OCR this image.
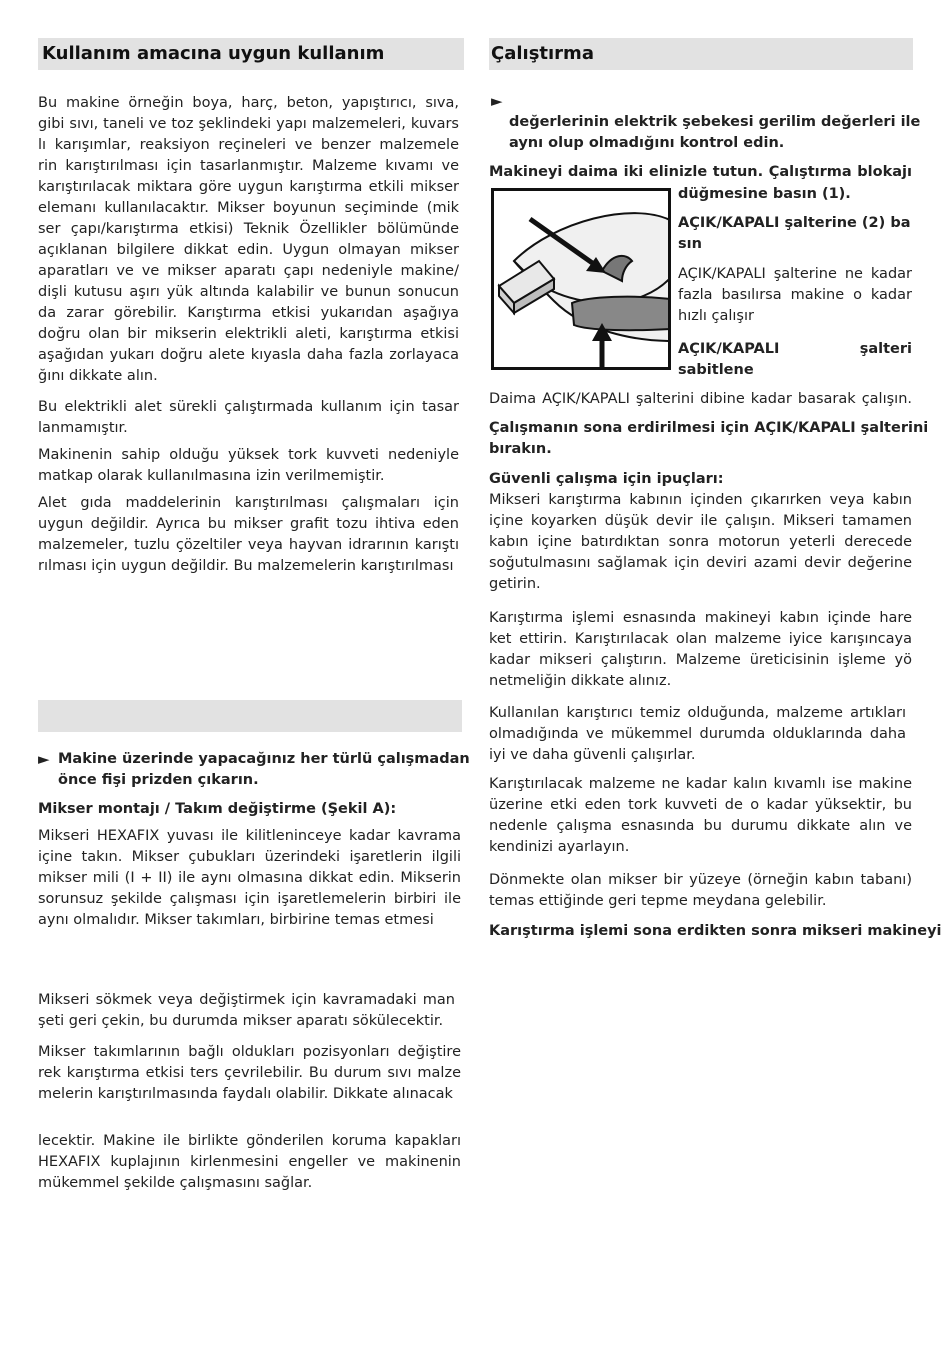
Kullanım amacına uygun kullanım
Bu makine örneğin boya, harç, beton, yapıştırıcı, sıva,
gibi sıvı, taneli ve toz şeklindeki yapı malzemeleri, kuvars
lı karışımlar, reaksiyon reçineleri ve benzer malzemele
rin karıştırılması için tasarlanmıştır. Malzeme kıvamı ve
karıştırılacak miktara göre uygun karıştırma etkili mikser
elemanı kullanılacaktır. Mikser boyunun seçiminde (mik
ser çapı/karıştırma etkisi) Teknik Özellikler bölümünde
açıklanan bilgilere dikkat edin. Uygun olmayan mikser
aparatları ve ve mikser aparatı çapı nedeniyle makine/
dişli kutusu aşırı yük altında kalabilir ve bunun sonucun
da zarar görebilir. Karıştırma etkisi yukarıdan aşağıya
doğru olan bir mikserin elektrikli aleti, karıştırma etkisi
aşağıdan yukarı doğru alete kıyasla daha fazla zorlayaca
ğını dikkate alın.
Bu elektrikli alet sürekli çalıştırmada kullanım için tasar
lanmamıştır.
Makinenin sahip olduğu yüksek tork kuvveti nedeniyle
matkap olarak kullanılmasına izin verilmemiştir.
Alet gıda maddelerinin karıştırılması çalışmaları için
uygun değildir. Ayrıca bu mikser grafit tozu ihtiva eden
malzemeler, tuzlu çözeltiler veya hayvan idrarının karıştı
rılması için uygun değildir. Bu malzemelerin karıştırılması
► Makine üzerinde yapacağınız her türlü çalışmadan
önce fişi prizden çıkarın.

Mikser montajı / Takım değiştirme (Şekil A):

Mikseri HEXAFIX yuvası ile kilitleninceye kadar kavrama
içine takın. Mikser çubukları üzerindeki işaretlerin ilgili
mikser mili (I + II) ile aynı olmasına dikkat edin. Mikserin
sorunsuz şekilde çalışması için işaretlemelerin birbiri ile
aynı olmalıdır. Mikser takımları, birbirine temas etmesi
Mikseri sökmek veya değiştirmek için kavramadaki man
şeti geri çekin, bu durumda mikser aparatı sökülecektir.
Mikser takımlarının bağlı oldukları pozisyonları değiştire
rek karıştırma etkisi ters çevrilebilir. Bu durum sıvı malze
melerin karıştırılmasında faydalı olabilir. Dikkate alınacak
lecektir. Makine ile birlikte gönderilen koruma kapakları
HEXAFIX kuplajının kirlenmesini engeller ve makinenin
mükemmel şekilde çalışmasını sağlar.
Çalıştırma
►
değerlerinin elektrik şebekesi gerilim değerleri ile
aynı olup olmadığını kontrol edin.

Makineyi daima iki elinizle tutun. Çalıştırma blokajı

düğmesine basın (1).

AÇIK/KAPALI şalterine (2) ba
sın
AÇIK/KAPALI şalterine ne kadar
fazla basılırsa makine o kadar
hızlı çalışır

AÇIK/KAPALI şalteri sabitlene

Daima AÇIK/KAPALI şalterini dibine kadar basarak çalışın.

Çalışmanın sona erdirilmesi için AÇIK/KAPALI şalterini
bırakın.

Güvenli çalışma için ipuçları:

Mikseri karıştırma kabının içinden çıkarırken veya kabın
içine koyarken düşük devir ile çalışın. Mikseri tamamen
kabın içine batırdıktan sonra motorun yeterli derecede
soğutulmasını sağlamak için deviri azami devir değerine
getirin.
Karıştırma işlemi esnasında makineyi kabın içinde hare
ket ettirin. Karıştırılacak olan malzeme iyice karışıncaya
kadar mikseri çalıştırın. Malzeme üreticisinin işleme yö
netmeliğin dikkate alınız.
Kullanılan karıştırıcı temiz olduğunda, malzeme artıkları
olmadığında ve mükemmel durumda olduklarında daha
iyi ve daha güvenli çalışırlar.
Karıştırılacak malzeme ne kadar kalın kıvamlı ise makine
üzerine etki eden tork kuvveti de o kadar yüksektir, bu
nedenle çalışma esnasında bu durumu dikkate alın ve
kendinizi ayarlayın.
Dönmekte olan mikser bir yüzeye (örneğin kabın tabanı)
temas ettiğinde geri tepme meydana gelebilir.

Karıştırma işlemi sona erdikten sonra mikseri makineyi
